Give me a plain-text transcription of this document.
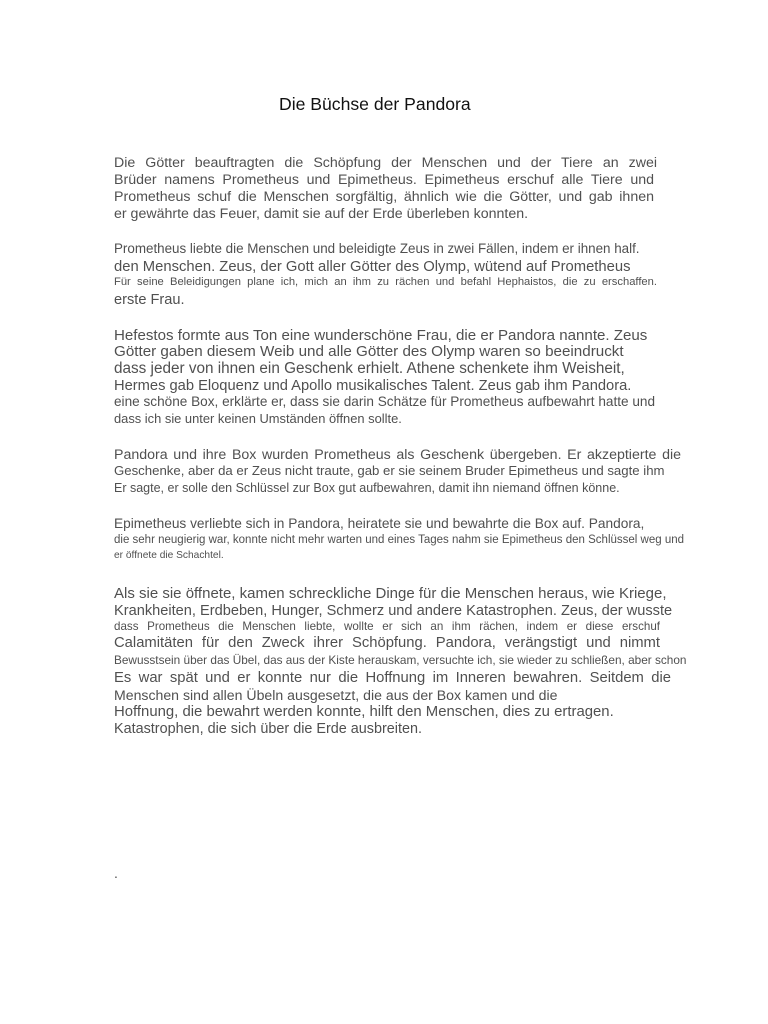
Die Büchse der Pandora
Die Götter beauftragten die Schöpfung der Menschen und der Tiere an zwei
Brüder namens Prometheus und Epimetheus. Epimetheus erschuf alle Tiere und
Prometheus schuf die Menschen sorgfältig, ähnlich wie die Götter, und gab ihnen
er gewährte das Feuer, damit sie auf der Erde überleben konnten.
Prometheus liebte die Menschen und beleidigte Zeus in zwei Fällen, indem er ihnen half.
den Menschen. Zeus, der Gott aller Götter des Olymp, wütend auf Prometheus
Für seine Beleidigungen plane ich, mich an ihm zu rächen und befahl Hephaistos, die zu erschaffen.
erste Frau.
Hefestos formte aus Ton eine wunderschöne Frau, die er Pandora nannte. Zeus
Götter gaben diesem Weib und alle Götter des Olymp waren so beeindruckt
dass jeder von ihnen ein Geschenk erhielt. Athene schenkete ihm Weisheit,
Hermes gab Eloquenz und Apollo musikalisches Talent. Zeus gab ihm Pandora.
eine schöne Box, erklärte er, dass sie darin Schätze für Prometheus aufbewahrt hatte und
dass ich sie unter keinen Umständen öffnen sollte.
Pandora und ihre Box wurden Prometheus als Geschenk übergeben. Er akzeptierte die
Geschenke, aber da er Zeus nicht traute, gab er sie seinem Bruder Epimetheus und sagte ihm
Er sagte, er solle den Schlüssel zur Box gut aufbewahren, damit ihn niemand öffnen könne.
Epimetheus verliebte sich in Pandora, heiratete sie und bewahrte die Box auf. Pandora,
die sehr neugierig war, konnte nicht mehr warten und eines Tages nahm sie Epimetheus den Schlüssel weg und
er öffnete die Schachtel.
Als sie sie öffnete, kamen schreckliche Dinge für die Menschen heraus, wie Kriege,
Krankheiten, Erdbeben, Hunger, Schmerz und andere Katastrophen. Zeus, der wusste
dass Prometheus die Menschen liebte, wollte er sich an ihm rächen, indem er diese erschuf
Calamitäten für den Zweck ihrer Schöpfung. Pandora, verängstigt und nimmt
Bewusstsein über das Übel, das aus der Kiste herauskam, versuchte ich, sie wieder zu schließen, aber schon
Es war spät und er konnte nur die Hoffnung im Inneren bewahren. Seitdem die
Menschen sind allen Übeln ausgesetzt, die aus der Box kamen und die
Hoffnung, die bewahrt werden konnte, hilft den Menschen, dies zu ertragen.
Katastrophen, die sich über die Erde ausbreiten.
.
